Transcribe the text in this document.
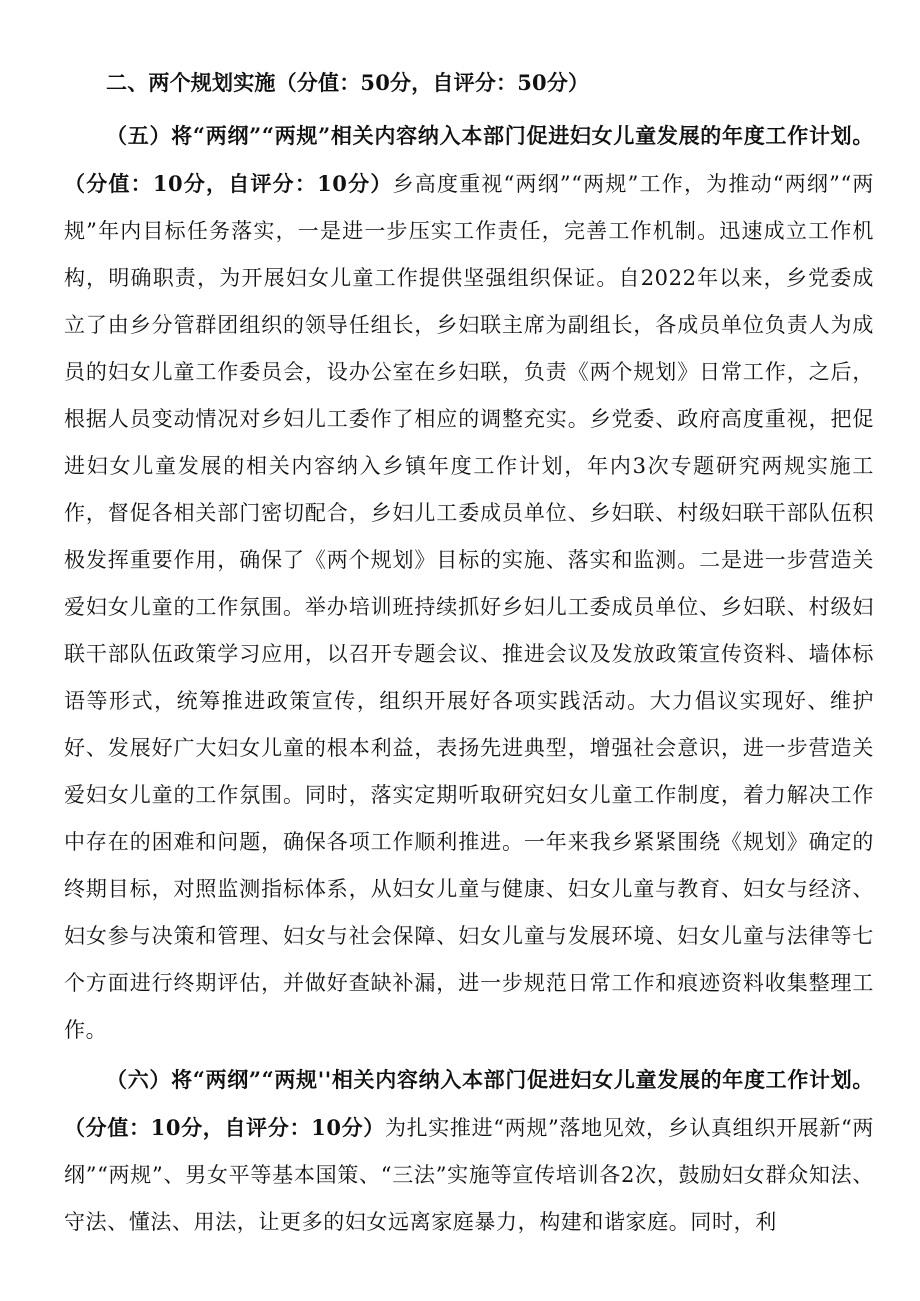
二、两个规划实施（分值：50分，自评分：50分）

（五）将“两纲”“两规”相关内容纳入本部门促进妇女儿童发展的年度工作计划。（分值：10分，自评分：10分）乡高度重视“两纲”“两规”工作，为推动“两纲”“两规”年内目标任务落实，一是进一步压实工作责任，完善工作机制。迅速成立工作机构，明确职责，为开展妇女儿童工作提供坚强组织保证。自2022年以来，乡党委成立了由乡分管群团组织的领导任组长，乡妇联主席为副组长，各成员单位负责人为成员的妇女儿童工作委员会，设办公室在乡妇联，负责《两个规划》日常工作，之后，根据人员变动情况对乡妇儿工委作了相应的调整充实。乡党委、政府高度重视，把促进妇女儿童发展的相关内容纳入乡镇年度工作计划，年内3次专题研究两规实施工作，督促各相关部门密切配合，乡妇儿工委成员单位、乡妇联、村级妇联干部队伍积极发挥重要作用，确保了《两个规划》目标的实施、落实和监测。二是进一步营造关爱妇女儿童的工作氛围。举办培训班持续抓好乡妇儿工委成员单位、乡妇联、村级妇联干部队伍政策学习应用，以召开专题会议、推进会议及发放政策宣传资料、墙体标语等形式，统筹推进政策宣传，组织开展好各项实践活动。大力倡议实现好、维护好、发展好广大妇女儿童的根本利益，表扬先进典型，增强社会意识，进一步营造关爱妇女儿童的工作氛围。同时，落实定期听取研究妇女儿童工作制度，着力解决工作中存在的困难和问题，确保各项工作顺利推进。一年来我乡紧紧围绕《规划》确定的终期目标，对照监测指标体系，从妇女儿童与健康、妇女儿童与教育、妇女与经济、妇女参与决策和管理、妇女与社会保障、妇女儿童与发展环境、妇女儿童与法律等七个方面进行终期评估，并做好查缺补漏，进一步规范日常工作和痕迹资料收集整理工作。

（六）将“两纲”“两规''相关内容纳入本部门促进妇女儿童发展的年度工作计划。（分值：10分，自评分：10分）为扎实推进“两规”落地见效，乡认真组织开展新“两纲”“两规”、男女平等基本国策、“三法”实施等宣传培训各2次，鼓励妇女群众知法、守法、懂法、用法，让更多的妇女远离家庭暴力，构建和谐家庭。同时，利
